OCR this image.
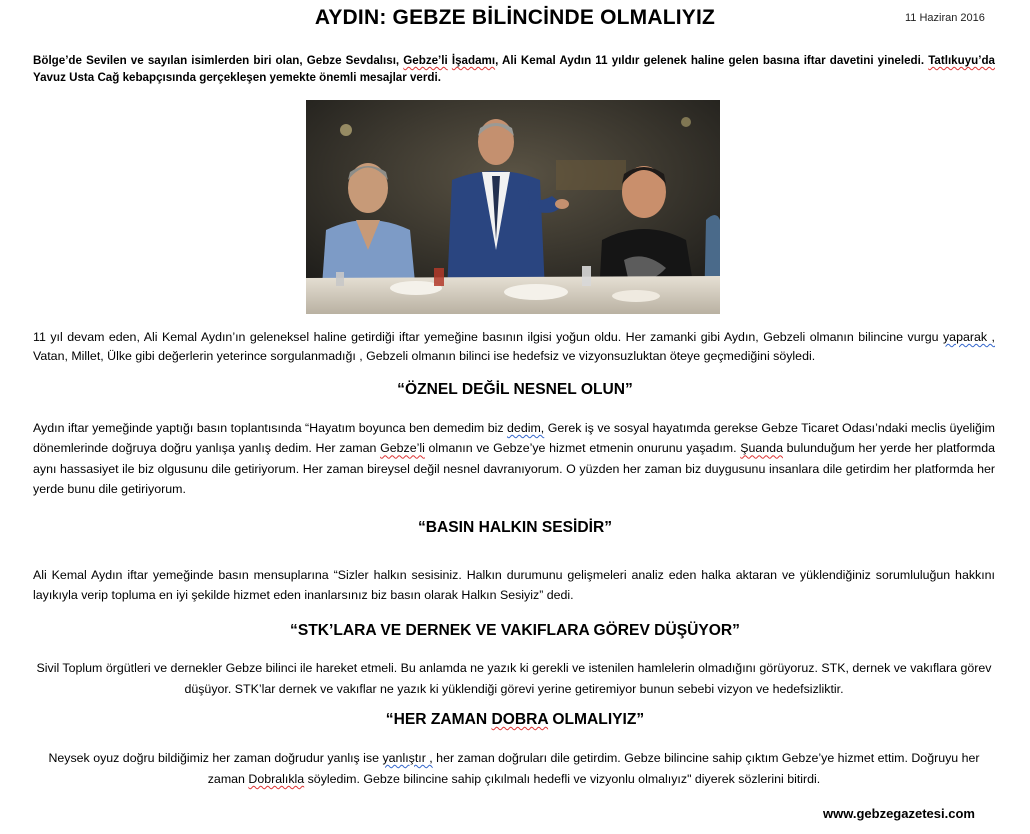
AYDIN: GEBZE BİLİNCİNDE OLMALIYIZ	11 Haziran 2016
Bölge’de Sevilen ve sayılan isimlerden biri olan, Gebze Sevdalısı, Gebze’li İşadamı, Ali Kemal Aydın 11 yıldır gelenek haline gelen basına iftar davetini yineledi. Tatlıkuyu’da Yavuz Usta Cağ kebapçısında gerçekleşen yemekte önemli mesajlar verdi.
11 yıl devam eden, Ali Kemal Aydın’ın geleneksel haline getirdiği iftar yemeğine basının ilgisi yoğun oldu. Her zamanki gibi Aydın, Gebzeli olmanın bilincine vurgu yaparak , Vatan, Millet, Ülke gibi değerlerin yeterince sorgulanmadığı , Gebzeli olmanın bilinci ise hedefsiz ve vizyonsuzluktan öteye geçmediğini söyledi.
“ÖZNEL DEĞİL NESNEL OLUN”
Aydın iftar yemeğinde yaptığı basın toplantısında “Hayatım boyunca ben demedim biz dedim, Gerek iş ve sosyal hayatımda gerekse Gebze Ticaret Odası’ndaki meclis üyeliğim dönemlerinde doğruya doğru yanlışa yanlış dedim. Her zaman Gebze’li olmanın ve Gebze’ye hizmet etmenin onurunu yaşadım. Şuanda bulunduğum her yerde her platformda aynı hassasiyet ile biz olgusunu dile getiriyorum. Her zaman bireysel değil nesnel davranıyorum. O yüzden her zaman biz duygusunu insanlara dile getirdim her platformda her yerde bunu dile getiriyorum.
“BASIN HALKIN SESİDİR”
Ali Kemal Aydın iftar yemeğinde basın mensuplarına “Sizler halkın sesisiniz. Halkın durumunu gelişmeleri analiz eden halka aktaran ve yüklendiğiniz sorumluluğun hakkını layıkıyla verip topluma en iyi şekilde hizmet eden inanlarsınız biz basın olarak Halkın Sesiyiz” dedi.
“STK’LARA VE DERNEK VE VAKIFLARA GÖREV DÜŞÜYOR”
Sivil Toplum örgütleri ve dernekler Gebze bilinci ile hareket etmeli. Bu anlamda ne yazık ki gerekli ve istenilen hamlelerin olmadığını görüyoruz. STK, dernek ve vakıflara görev düşüyor. STK’lar dernek ve vakıflar ne yazık ki yüklendiği görevi yerine getiremiyor bunun sebebi vizyon ve hedefsizliktir.
“HER ZAMAN DOBRA OLMALIYIZ”
Neysek oyuz doğru bildiğimiz her zaman doğrudur yanlış ise yanlıştır , her zaman doğruları dile getirdim. Gebze bilincine sahip çıktım Gebze’ye hizmet ettim. Doğruyu her zaman Dobralıkla söyledim. Gebze bilincine sahip çıkılmalı hedefli ve vizyonlu olmalıyız" diyerek sözlerini bitirdi.
www.gebzegazetesi.com
